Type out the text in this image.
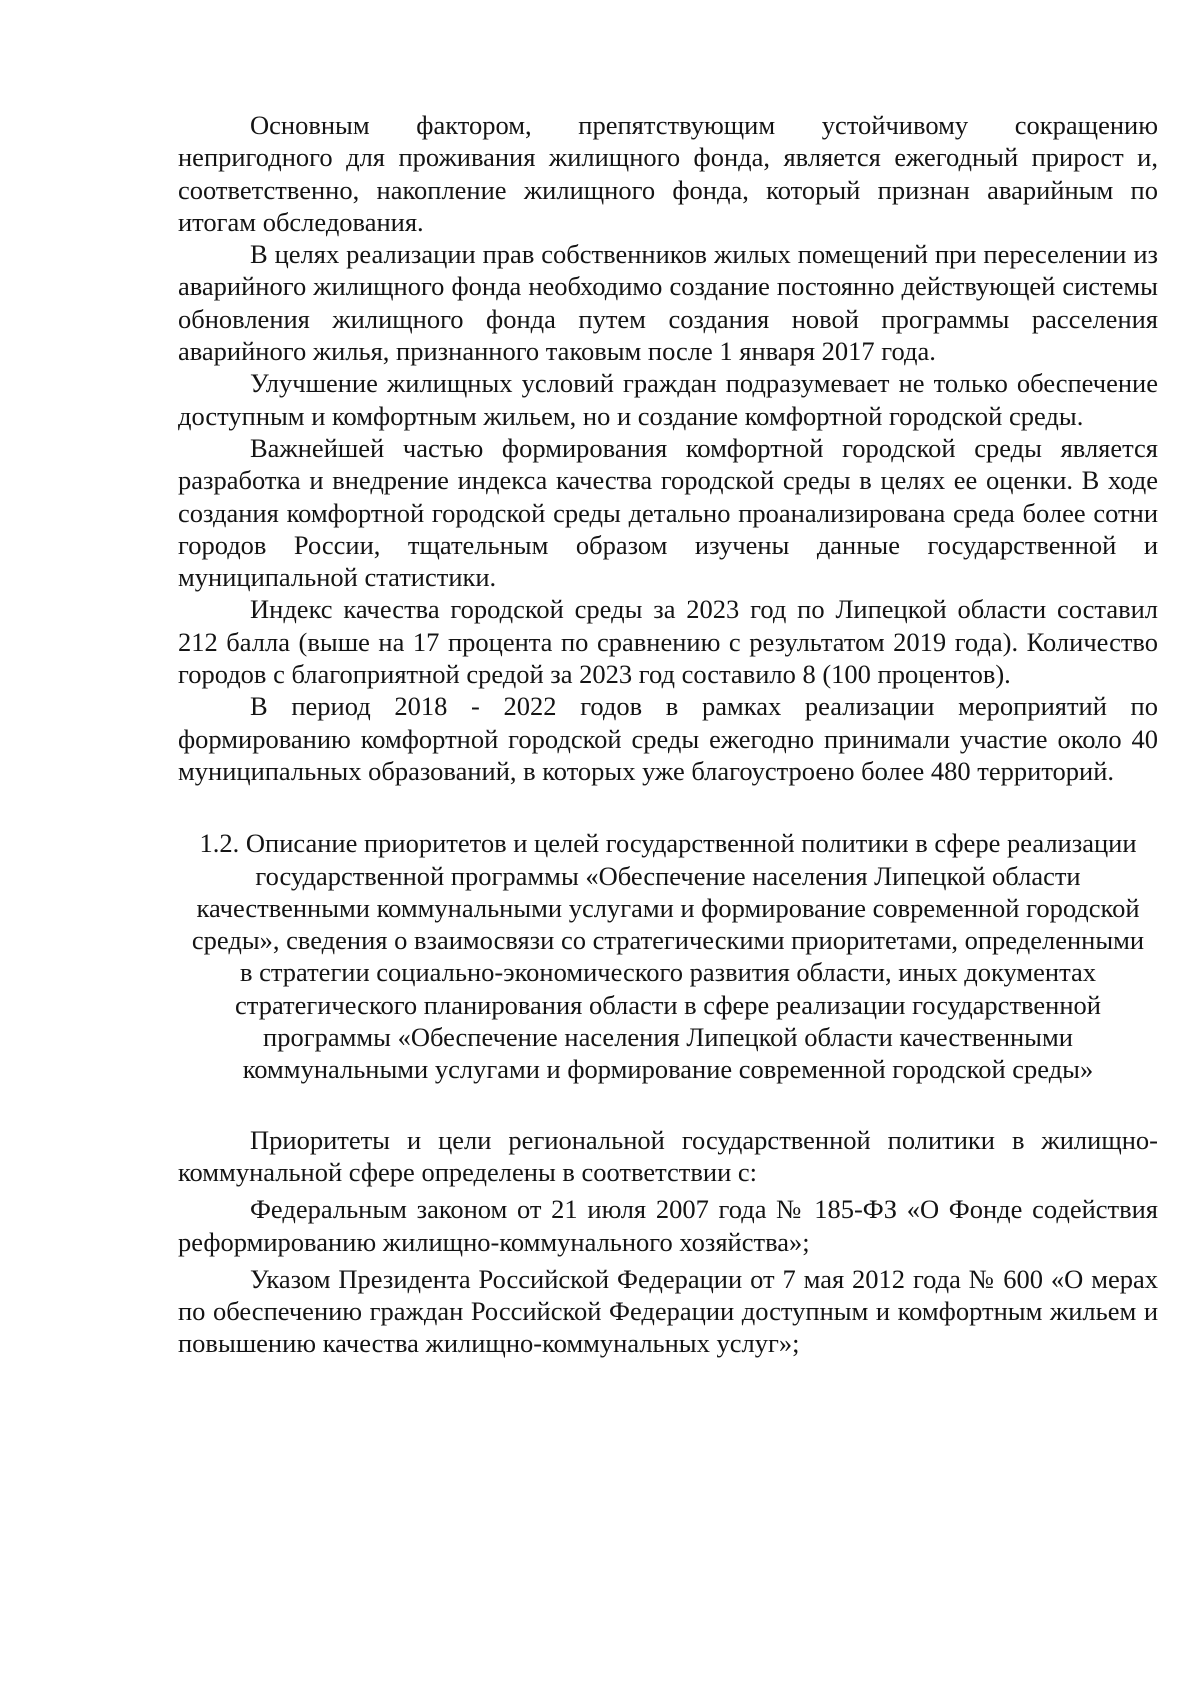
Основным фактором, препятствующим устойчивому сокращению непригодного для проживания жилищного фонда, является ежегодный прирост и, соответственно, накопление жилищного фонда, который признан аварийным по итогам обследования.

В целях реализации прав собственников жилых помещений при переселении из аварийного жилищного фонда необходимо создание постоянно действующей системы обновления жилищного фонда путем создания новой программы расселения аварийного жилья, признанного таковым после 1 января 2017 года.

Улучшение жилищных условий граждан подразумевает не только обеспечение доступным и комфортным жильем, но и создание комфортной городской среды.

Важнейшей частью формирования комфортной городской среды является разработка и внедрение индекса качества городской среды в целях ее оценки. В ходе создания комфортной городской среды детально проанализирована среда более сотни городов России, тщательным образом изучены данные государственной и муниципальной статистики.

Индекс качества городской среды за 2023 год по Липецкой области составил 212 балла (выше на 17 процента по сравнению с результатом 2019 года). Количество городов с благоприятной средой за 2023 год составило 8 (100 процентов).

В период 2018 - 2022 годов в рамках реализации мероприятий по формированию комфортной городской среды ежегодно принимали участие около 40 муниципальных образований, в которых уже благоустроено более 480 территорий.

1.2. Описание приоритетов и целей государственной политики в сфере реализации государственной программы «Обеспечение населения Липецкой области качественными коммунальными услугами и формирование современной городской среды», сведения о взаимосвязи со стратегическими приоритетами, определенными в стратегии социально-экономического развития области, иных документах стратегического планирования области в сфере реализации государственной программы «Обеспечение населения Липецкой области качественными коммунальными услугами и формирование современной городской среды»

Приоритеты и цели региональной государственной политики в жилищно-коммунальной сфере определены в соответствии с:

Федеральным законом от 21 июля 2007 года № 185-ФЗ «О Фонде содействия реформированию жилищно-коммунального хозяйства»;

Указом Президента Российской Федерации от 7 мая 2012 года № 600 «О мерах по обеспечению граждан Российской Федерации доступным и комфортным жильем и повышению качества жилищно-коммунальных услуг»;
